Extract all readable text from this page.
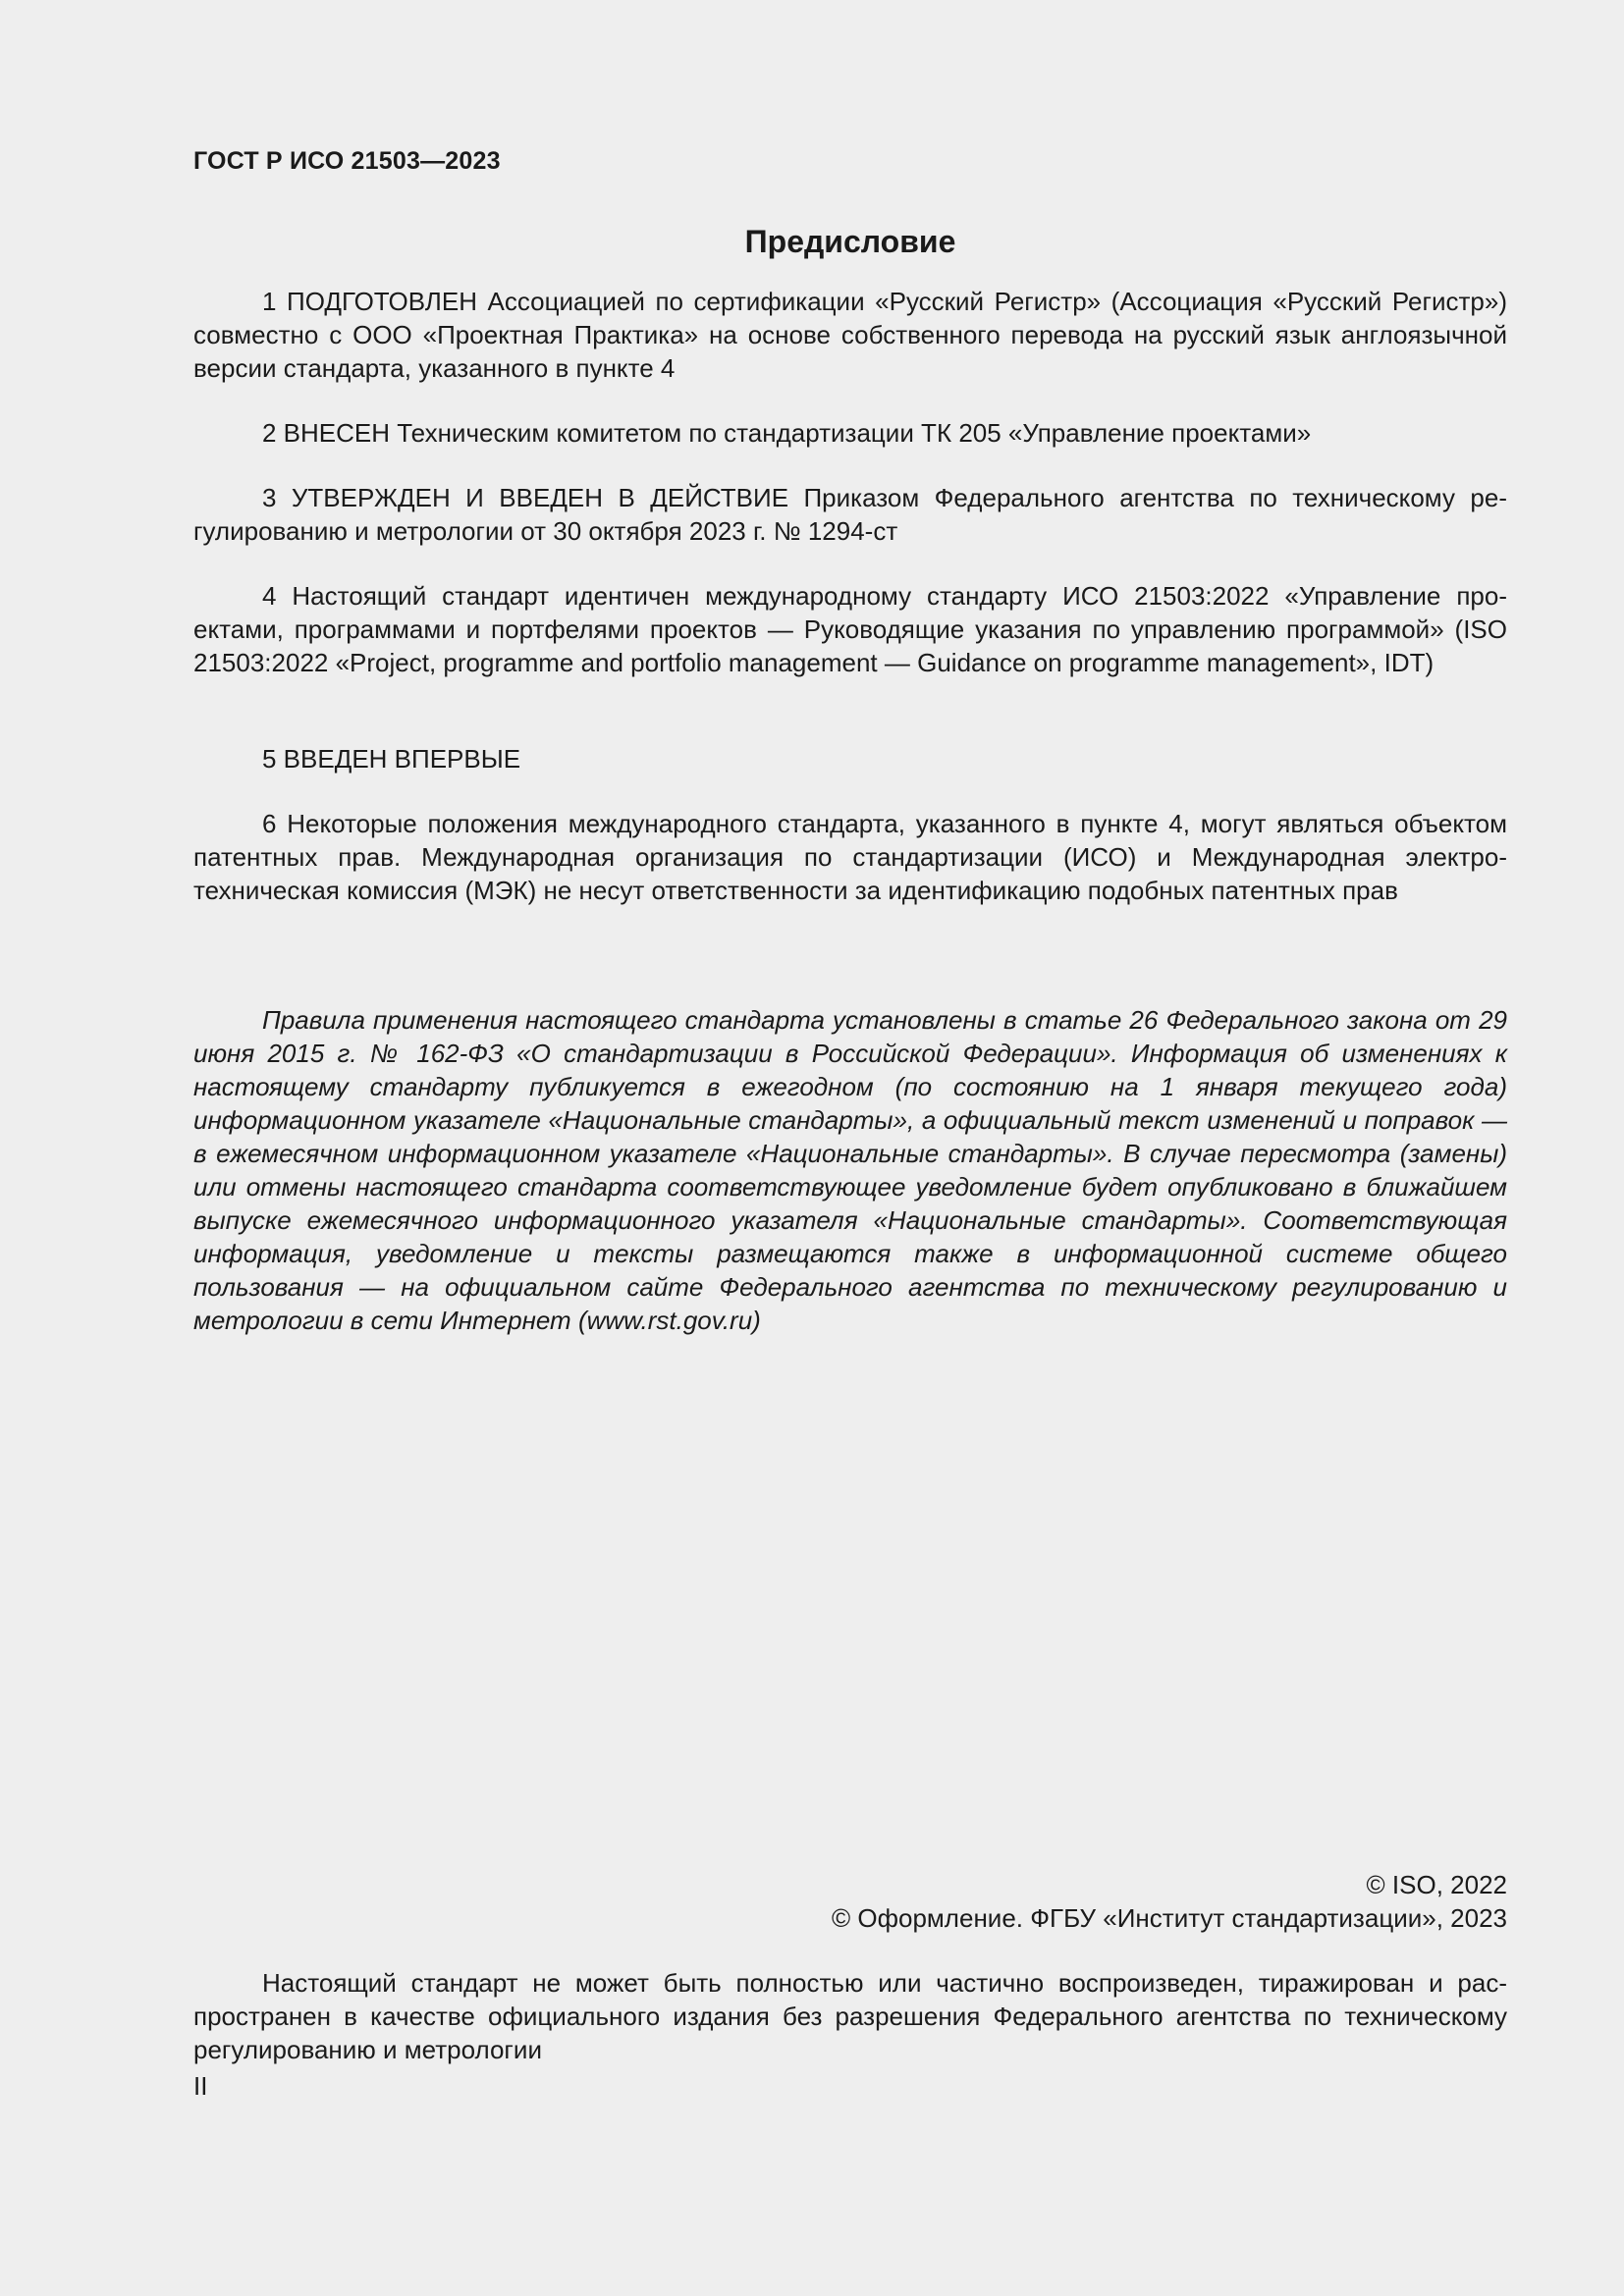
ГОСТ Р ИСО 21503—2023
Предисловие

1 ПОДГОТОВЛЕН Ассоциацией по сертификации «Русский Регистр» (Ассоциация «Русский Регистр») совместно с ООО «Проектная Практика» на основе собственного перевода на русский язык англоязычной версии стандарта, указанного в пункте 4

2 ВНЕСЕН Техническим комитетом по стандартизации ТК 205 «Управление проектами»

3 УТВЕРЖДЕН И ВВЕДЕН В ДЕЙСТВИЕ Приказом Федерального агентства по техническому регулированию и метрологии от 30 октября 2023 г. № 1294-ст

4 Настоящий стандарт идентичен международному стандарту ИСО 21503:2022 «Управление проектами, программами и портфелями проектов — Руководящие указания по управлению программой» (ISO 21503:2022 «Project, programme and portfolio management — Guidance on programme management», IDT)

5 ВВЕДЕН ВПЕРВЫЕ

6 Некоторые положения международного стандарта, указанного в пункте 4, могут являться объектом патентных прав. Международная организация по стандартизации (ИСО) и Международная электротехническая комиссия (МЭК) не несут ответственности за идентификацию подобных патентных прав

Правила применения настоящего стандарта установлены в статье 26 Федерального закона от 29 июня 2015 г. № 162-ФЗ «О стандартизации в Российской Федерации». Информация об изменениях к настоящему стандарту публикуется в ежегодном (по состоянию на 1 января текущего года) информационном указателе «Национальные стандарты», а официальный текст изменений и поправок — в ежемесячном информационном указателе «Национальные стандарты». В случае пересмотра (замены) или отмены настоящего стандарта соответствующее уведомление будет опубликовано в ближайшем выпуске ежемесячного информационного указателя «Национальные стандарты». Соответствующая информация, уведомление и тексты размещаются также в информационной системе общего пользования — на официальном сайте Федерального агентства по техническому регулированию и метрологии в сети Интернет (www.rst.gov.ru)

© ISO, 2022
© Оформление. ФГБУ «Институт стандартизации», 2023

Настоящий стандарт не может быть полностью или частично воспроизведен, тиражирован и распространен в качестве официального издания без разрешения Федерального агентства по техническому регулированию и метрологии

II
